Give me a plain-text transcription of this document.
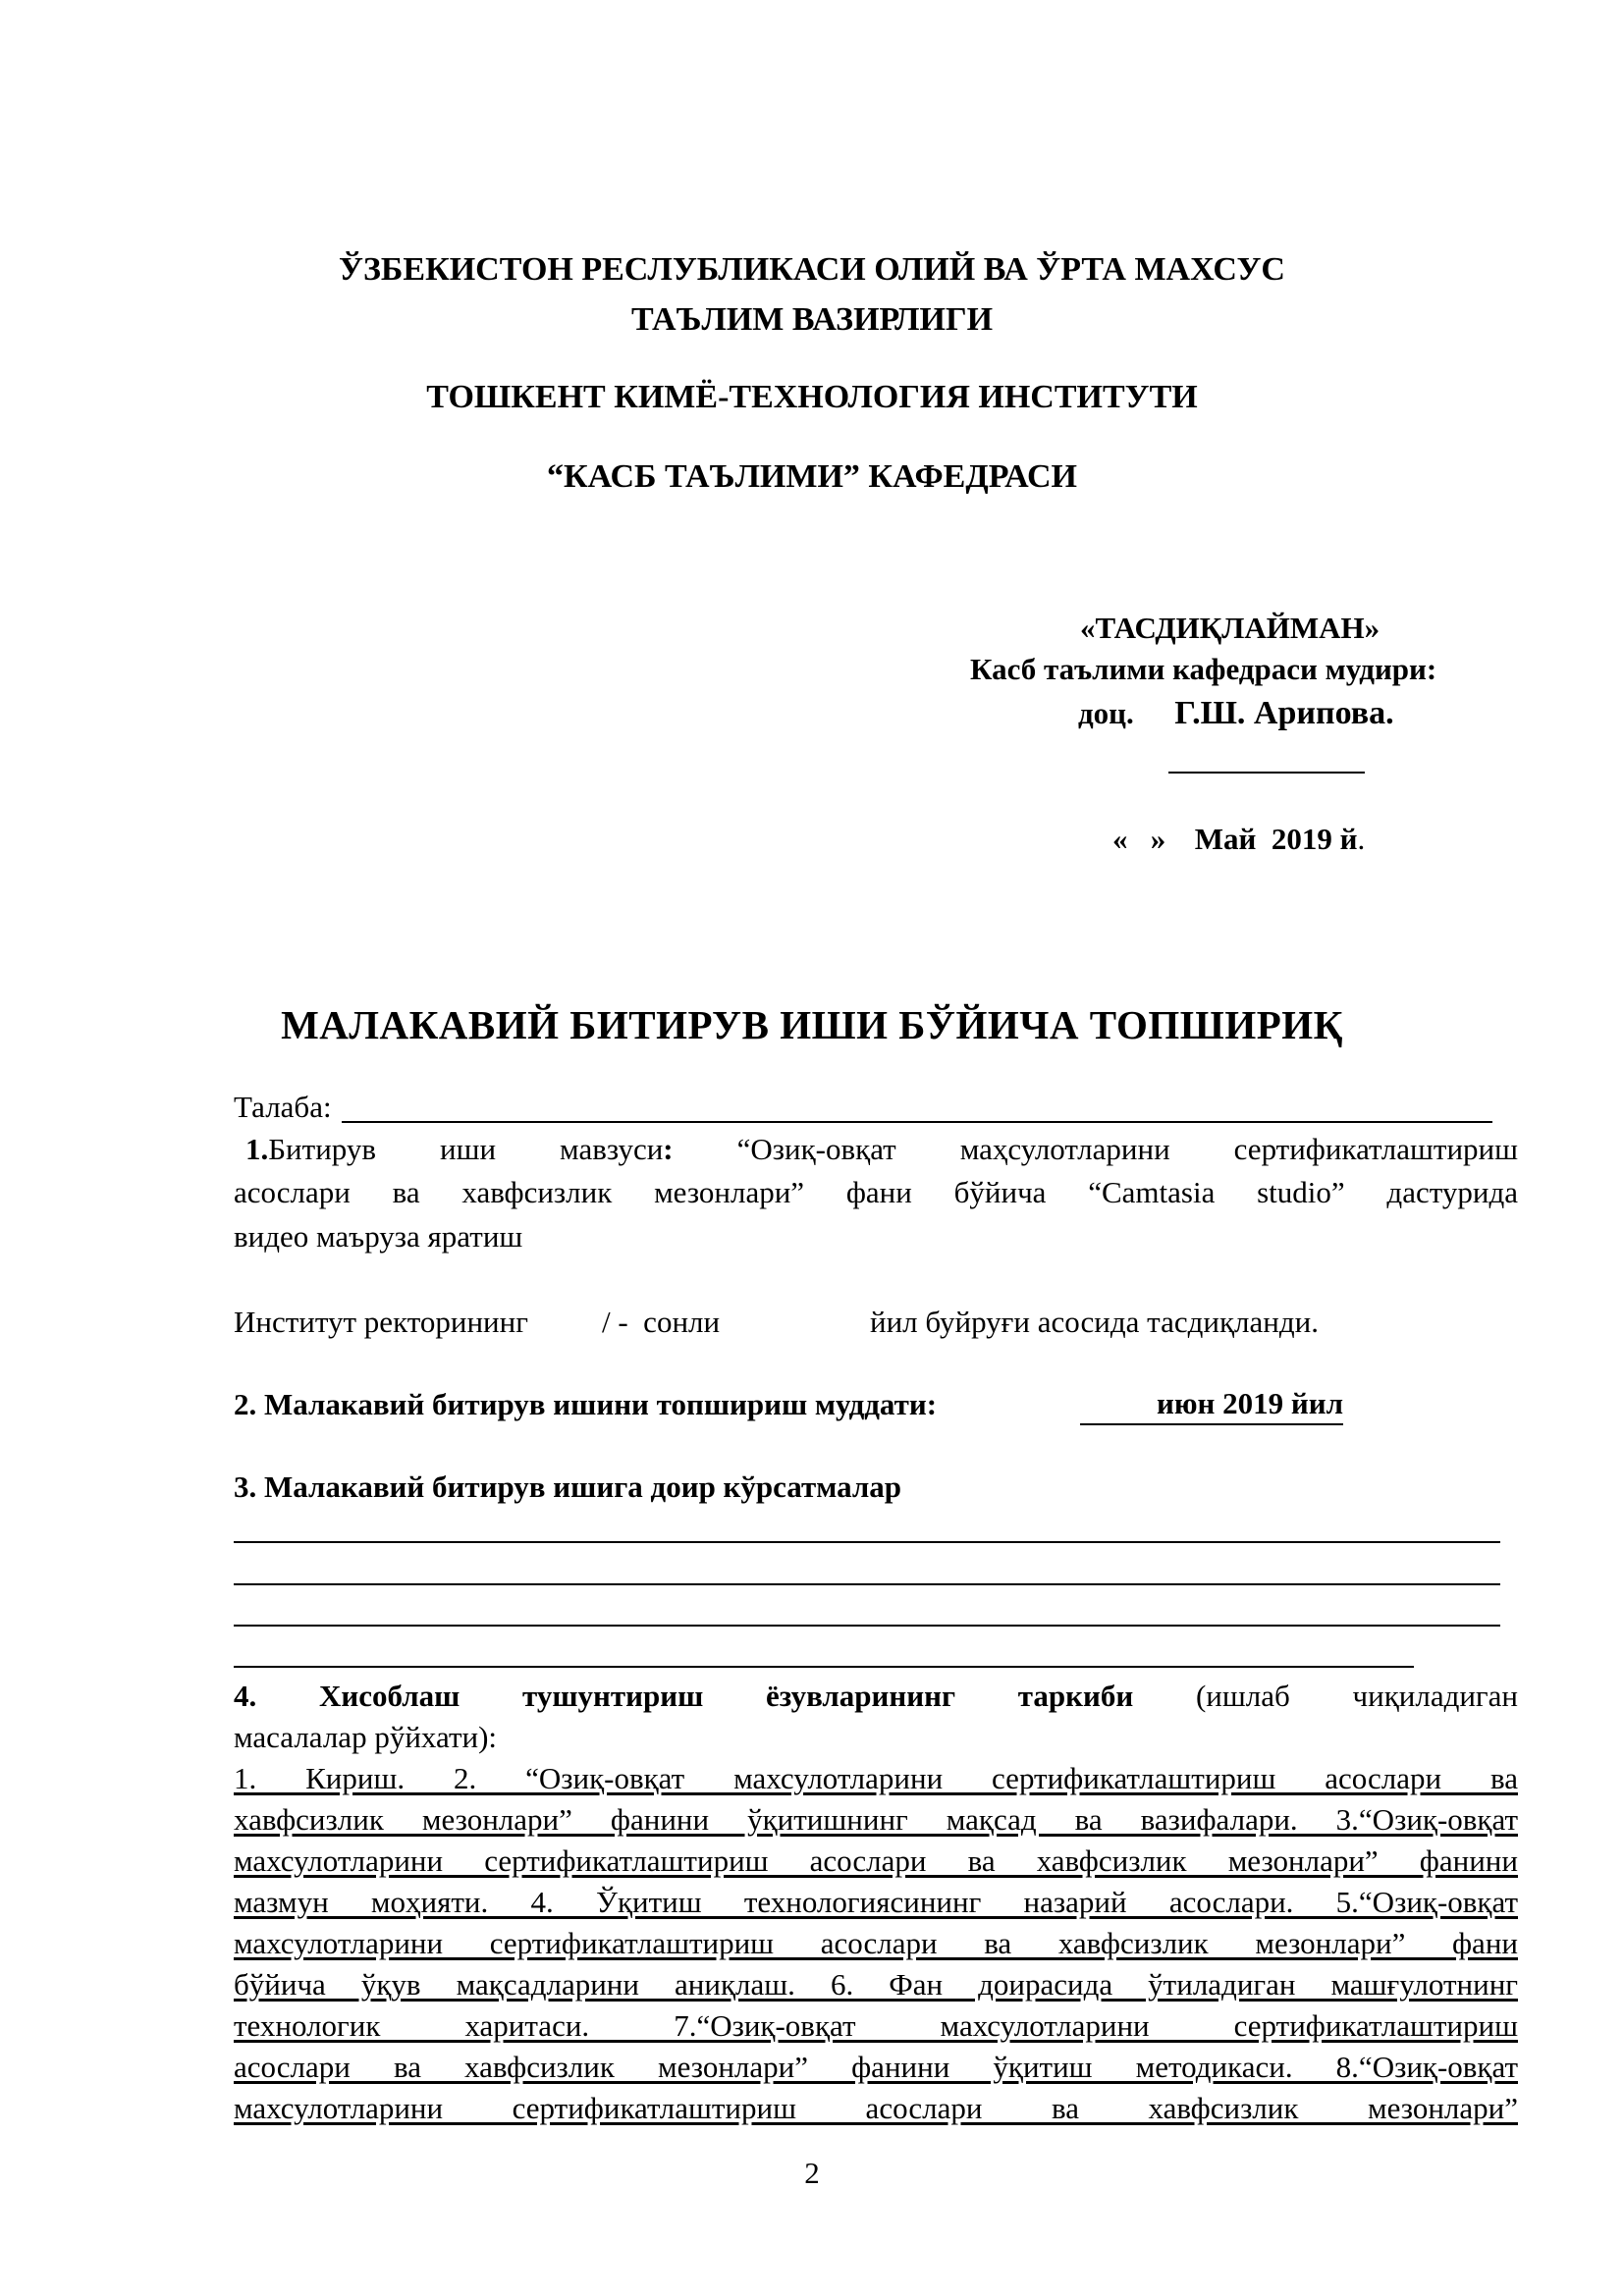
ЎЗБЕКИСТОН РЕСЛУБЛИКАСИ ОЛИЙ ВА ЎРТА МАХСУС
ТАЪЛИМ ВАЗИРЛИГИ
ТОШКЕНТ КИМЁ-ТЕХНОЛОГИЯ ИНСТИТУТИ
“КАСБ ТАЪЛИМИ” КАФЕДРАСИ
«ТАСДИҚЛАЙМАН»
Касб таълими кафедраси мудири:
доц. Г.Ш. Арипова.
«   » Май  2019 й.
МАЛАКАВИЙ БИТИРУВ ИШИ БЎЙИЧА ТОПШИРИҚ
Талаба:
1.Битирув иши мавзуси: “Озиқ-овқат маҳсулотларини сертификатлаштириш
асослари ва хавфсизлик мезонлари” фани бўйича “Camtasia studio” дастурида
видео маъруза яратиш
Институт ректорининг / -  сонли	йил буйруғи асосида тасдиқланди.
2. Малакавий битирув ишини топшириш муддати:	июн 2019 йил
3. Малакавий битирув ишига доир кўрсатмалар
4. Хисоблаш тушунтириш ёзувларининг таркиби (ишлаб чиқиладиган
масалалар рўйхати):
1. Кириш. 2. “Озиқ-овқат махсулотларини сертификатлаштириш асослари ва
хавфсизлик мезонлари” фанини ўқитишнинг мақсад ва вазифалари. 3.“Озиқ-овқат
махсулотларини сертификатлаштириш асослари ва хавфсизлик мезонлари” фанини
мазмун моҳияти. 4. Ўқитиш технологиясининг назарий асослари. 5.“Озиқ-овқат
махсулотларини сертификатлаштириш асослари ва хавфсизлик мезонлари” фани
бўйича ўқув мақсадларини аниқлаш. 6. Фан доирасида ўтиладиган машғулотнинг
технологик харитаси. 7.“Озиқ-овқат махсулотларини сертификатлаштириш
асослари ва хавфсизлик мезонлари” фанини ўқитиш методикаси. 8.“Озиқ-овқат
махсулотларини сертификатлаштириш асослари ва хавфсизлик мезонлари”
2
